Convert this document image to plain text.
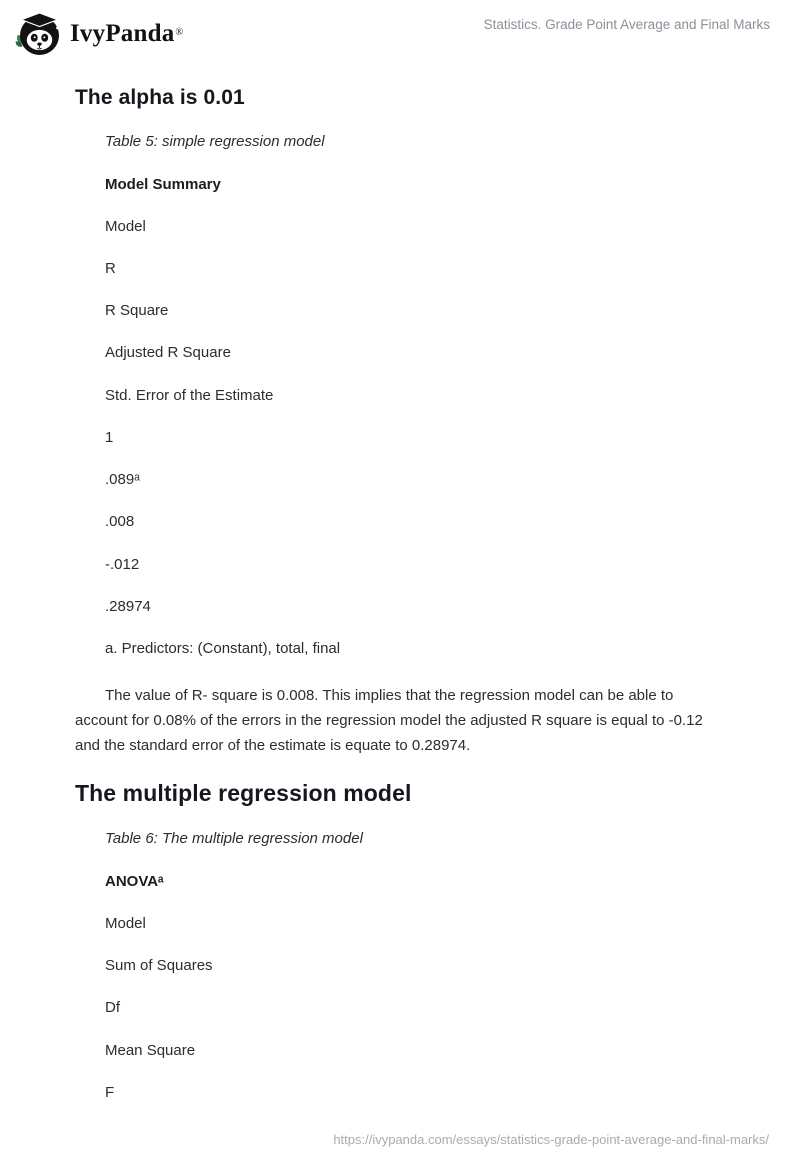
IvyPanda®
Statistics. Grade Point Average and Final Marks
The alpha is 0.01

Table 5: simple regression model

Model Summary

Model

R

R Square

Adjusted R Square

Std. Error of the Estimate

1

.089ᵃ

.008

-.012

.28974

a. Predictors: (Constant), total, final

The value of R- square is 0.008. This implies that the regression model can be able to account for 0.08% of the errors in the regression model the adjusted R square is equal to -0.12 and the standard error of the estimate is equate to 0.28974.

The multiple regression model

Table 6: The multiple regression model

ANOVAᵃ

Model

Sum of Squares

Df

Mean Square

F

https://ivypanda.com/essays/statistics-grade-point-average-and-final-marks/
